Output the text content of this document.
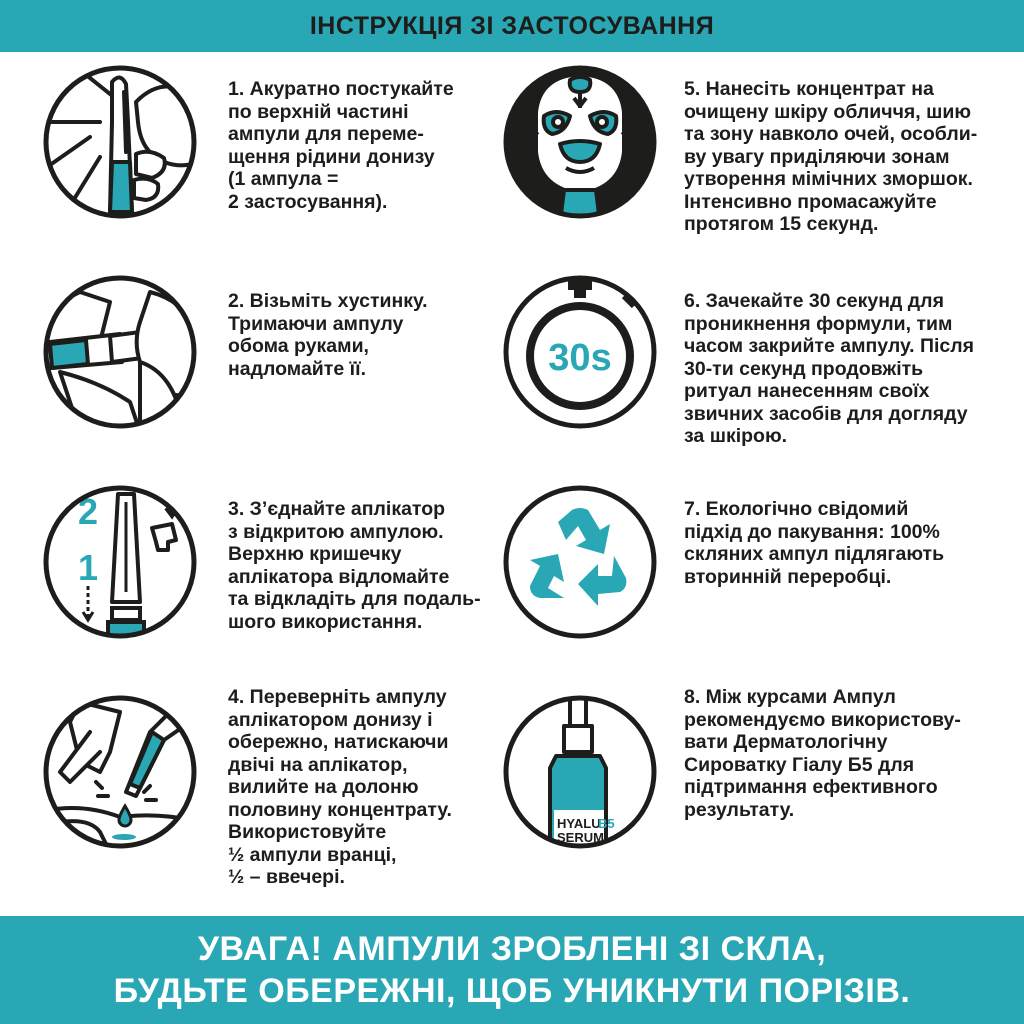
ІНСТРУКЦІЯ ЗІ ЗАСТОСУВАННЯ
1. Акуратно постукайте
по верхній частині
ампули для переме-
щення рідини донизу
(1 ампула =
2 застосування).
2. Візьміть хустинку.
Тримаючи ампулу
обома руками,
надломайте її.
2
1
3. З’єднайте аплікатор
з відкритою ампулою.
Верхню кришечку
аплікатора відломайте
та відкладіть для подаль-
шого використання.
4. Переверніть ампулу
аплікатором донизу і
обережно, натискаючи
двічі на аплікатор,
вилийте на долоню
половину концентрату.
Використовуйте
½ ампули вранці,
½ – ввечері.
5. Нанесіть концентрат на
очищену шкіру обличчя, шию
та зону навколо очей, особли-
ву увагу приділяючи зонам
утворення мімічних зморшок.
Інтенсивно промасажуйте
протягом 15 секунд.
30s
6. Зачекайте 30 секунд для
проникнення формули, тим
часом закрийте ампулу. Після
30-ти секунд продовжіть
ритуал нанесенням своїх
звичних засобів для догляду
за шкірою.
7. Екологічно свідомий
підхід до пакування: 100%
скляних ампул підлягають
вторинній переробці.
HYALU
B5
SERUM
8. Між курсами Ампул
рекомендуємо використову-
вати Дерматологічну
Сироватку Гіалу Б5 для
підтримання ефективного
результату.
УВАГА! АМПУЛИ ЗРОБЛЕНІ ЗІ СКЛА,
БУДЬТЕ ОБЕРЕЖНІ, ЩОБ УНИКНУТИ ПОРІЗІВ.
